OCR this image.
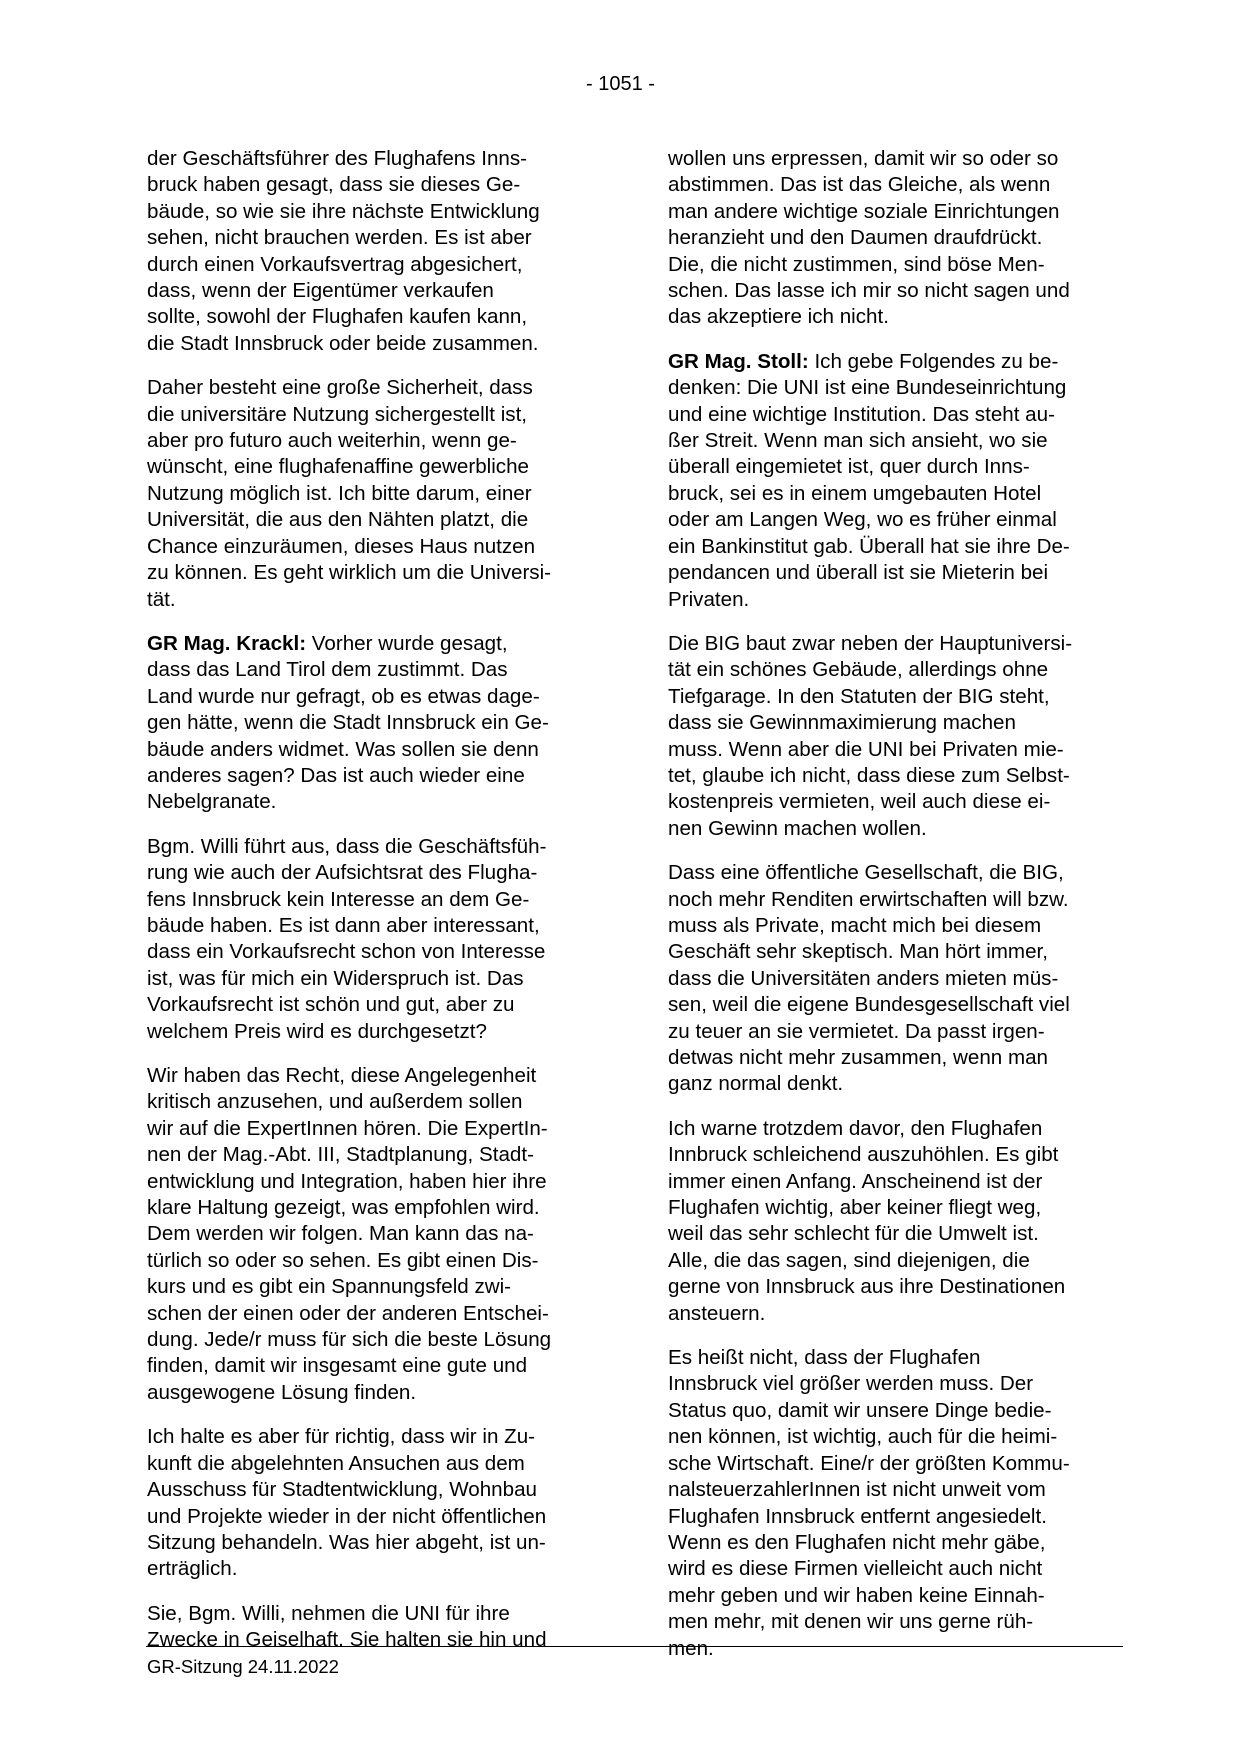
- 1051 -

der Geschäftsführer des Flughafens Inns-
bruck haben gesagt, dass sie dieses Ge-
bäude, so wie sie ihre nächste Entwicklung
sehen, nicht brauchen werden. Es ist aber
durch einen Vorkaufsvertrag abgesichert,
dass, wenn der Eigentümer verkaufen
sollte, sowohl der Flughafen kaufen kann,
die Stadt Innsbruck oder beide zusammen.

Daher besteht eine große Sicherheit, dass
die universitäre Nutzung sichergestellt ist,
aber pro futuro auch weiterhin, wenn ge-
wünscht, eine flughafenaffine gewerbliche
Nutzung möglich ist. Ich bitte darum, einer
Universität, die aus den Nähten platzt, die
Chance einzuräumen, dieses Haus nutzen
zu können. Es geht wirklich um die Universi-
tät.

GR Mag. Krackl: Vorher wurde gesagt,
dass das Land Tirol dem zustimmt. Das
Land wurde nur gefragt, ob es etwas dage-
gen hätte, wenn die Stadt Innsbruck ein Ge-
bäude anders widmet. Was sollen sie denn
anderes sagen? Das ist auch wieder eine
Nebelgranate.

Bgm. Willi führt aus, dass die Geschäftsfüh-
rung wie auch der Aufsichtsrat des Flugha-
fens Innsbruck kein Interesse an dem Ge-
bäude haben. Es ist dann aber interessant,
dass ein Vorkaufsrecht schon von Interesse
ist, was für mich ein Widerspruch ist. Das
Vorkaufsrecht ist schön und gut, aber zu
welchem Preis wird es durchgesetzt?

Wir haben das Recht, diese Angelegenheit
kritisch anzusehen, und außerdem sollen
wir auf die ExpertInnen hören. Die ExpertIn-
nen der Mag.-Abt. III, Stadtplanung, Stadt-
entwicklung und Integration, haben hier ihre
klare Haltung gezeigt, was empfohlen wird.
Dem werden wir folgen. Man kann das na-
türlich so oder so sehen. Es gibt einen Dis-
kurs und es gibt ein Spannungsfeld zwi-
schen der einen oder der anderen Entschei-
dung. Jede/r muss für sich die beste Lösung
finden, damit wir insgesamt eine gute und
ausgewogene Lösung finden.

Ich halte es aber für richtig, dass wir in Zu-
kunft die abgelehnten Ansuchen aus dem
Ausschuss für Stadtentwicklung, Wohnbau
und Projekte wieder in der nicht öffentlichen
Sitzung behandeln. Was hier abgeht, ist un-
erträglich.

Sie, Bgm. Willi, nehmen die UNI für ihre
Zwecke in Geiselhaft. Sie halten sie hin und

wollen uns erpressen, damit wir so oder so
abstimmen. Das ist das Gleiche, als wenn
man andere wichtige soziale Einrichtungen
heranzieht und den Daumen draufdrückt.
Die, die nicht zustimmen, sind böse Men-
schen. Das lasse ich mir so nicht sagen und
das akzeptiere ich nicht.

GR Mag. Stoll: Ich gebe Folgendes zu be-
denken: Die UNI ist eine Bundeseinrichtung
und eine wichtige Institution. Das steht au-
ßer Streit. Wenn man sich ansieht, wo sie
überall eingemietet ist, quer durch Inns-
bruck, sei es in einem umgebauten Hotel
oder am Langen Weg, wo es früher einmal
ein Bankinstitut gab. Überall hat sie ihre De-
pendancen und überall ist sie Mieterin bei
Privaten.

Die BIG baut zwar neben der Hauptuniversi-
tät ein schönes Gebäude, allerdings ohne
Tiefgarage. In den Statuten der BIG steht,
dass sie Gewinnmaximierung machen
muss. Wenn aber die UNI bei Privaten mie-
tet, glaube ich nicht, dass diese zum Selbst-
kostenpreis vermieten, weil auch diese ei-
nen Gewinn machen wollen.

Dass eine öffentliche Gesellschaft, die BIG,
noch mehr Renditen erwirtschaften will bzw.
muss als Private, macht mich bei diesem
Geschäft sehr skeptisch. Man hört immer,
dass die Universitäten anders mieten müs-
sen, weil die eigene Bundesgesellschaft viel
zu teuer an sie vermietet. Da passt irgen-
detwas nicht mehr zusammen, wenn man
ganz normal denkt.

Ich warne trotzdem davor, den Flughafen
Innbruck schleichend auszuhöhlen. Es gibt
immer einen Anfang. Anscheinend ist der
Flughafen wichtig, aber keiner fliegt weg,
weil das sehr schlecht für die Umwelt ist.
Alle, die das sagen, sind diejenigen, die
gerne von Innsbruck aus ihre Destinationen
ansteuern.

Es heißt nicht, dass der Flughafen
Innsbruck viel größer werden muss. Der
Status quo, damit wir unsere Dinge bedie-
nen können, ist wichtig, auch für die heimi-
sche Wirtschaft. Eine/r der größten Kommu-
nalsteuerzahlerInnen ist nicht unweit vom
Flughafen Innsbruck entfernt angesiedelt.
Wenn es den Flughafen nicht mehr gäbe,
wird es diese Firmen vielleicht auch nicht
mehr geben und wir haben keine Einnah-
men mehr, mit denen wir uns gerne rüh-
men.

GR-Sitzung 24.11.2022
